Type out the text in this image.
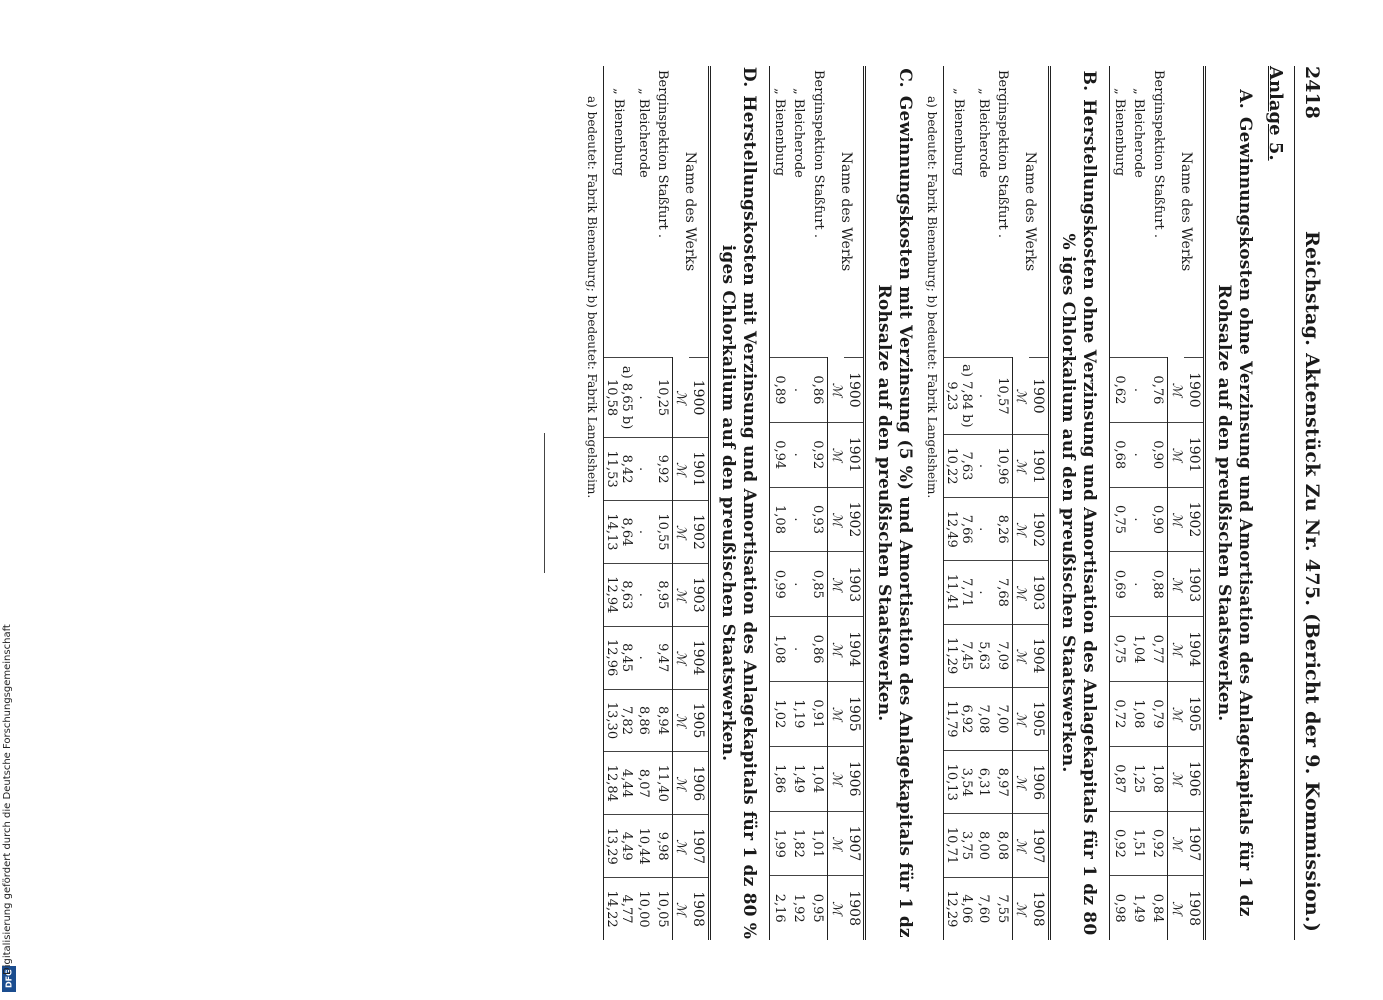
2418
Reichstag. Aktenstück Zu Nr. 475. (Bericht der 9. Kommission.)
Anlage 5.
A.Gewinnungskosten ohne Verzinsung und Amortisation des Anlagekapitals für 1 dz Rohsalze auf den preußischen Staatswerken.
Name des Werks	1900	1901	1902	1903	1904	1905	1906	1907	1908
	ℳ	ℳ	ℳ	ℳ	ℳ	ℳ	ℳ	ℳ	ℳ
Berginspektion Staßfurt .	0,76	0,90	0,90	0,88	0,77	0,79	1,08	0,92	0,84
„ Bleicherode	.	.	.	.	1,04	1,08	1,25	1,51	1,49
„ Bienenburg	0,62	0,68	0,75	0,69	0,75	0,72	0,87	0,92	0,98
B.Herstellungskosten ohne Verzinsung und Amortisation des Anlagekapitals für 1 dz 80 % iges Chlorkalium auf den preußischen Staatswerken.
Name des Werks	1900	1901	1902	1903	1904	1905	1906	1907	1908
	ℳ	ℳ	ℳ	ℳ	ℳ	ℳ	ℳ	ℳ	ℳ
Berginspektion Staßfurt .	10,57	10,96	8,26	7,68	7,09	7,00	8,97	8,08	7,55
„ Bleicherode	.	.	.	.	5,63	7,08	6,31	8,00	7,60
„ Bienenburg	a) 7,84 b) 9,23	7,63 10,22	7,66 12,49	7,71 11,41	7,45 11,29	6,92 11,79	3,54 10,13	3,75 10,71	4,06 12,29
a) bedeutet: Fabrik Bienenburg; b) bedeutet: Fabrik Langelsheim.
C.Gewinnungskosten mit Verzinsung (5 %) und Amortisation des Anlagekapitals für 1 dz Rohsalze auf den preußischen Staatswerken.
Name des Werks	1900	1901	1902	1903	1904	1905	1906	1907	1908
	ℳ	ℳ	ℳ	ℳ	ℳ	ℳ	ℳ	ℳ	ℳ
Berginspektion Staßfurt .	0,86	0,92	0,93	0,85	0,86	0,91	1,04	1,01	0,95
„ Bleicherode	.	.	.	.	.	1,19	1,49	1,82	1,92
„ Bienenburg	0,89	0,94	1,08	0,99	1,08	1,02	1,86	1,99	2,16
D.Herstellungskosten mit Verzinsung und Amortisation des Anlagekapitals für 1 dz 80 % iges Chlorkalium auf den preußischen Staatswerken.
Name des Werks	1900	1901	1902	1903	1904	1905	1906	1907	1908
	ℳ	ℳ	ℳ	ℳ	ℳ	ℳ	ℳ	ℳ	ℳ
Berginspektion Staßfurt .	10,25	9,92	10,55	8,95	9,47	8,94	11,40	9,98	10,05
„ Bleicherode	.	.	.	.	.	8,86	8,07	10,44	10,00
„ Bienenburg	a) 8,65 b) 10,58	8,42 11,53	8,64 14,13	8,63 12,94	8,45 12,96	7,82 13,30	4,44 12,84	4,49 13,29	4,77 14,22
a) bedeutet: Fabrik Bienenburg; b) bedeutet: Fabrik Langelsheim.
DFG
Digitalisierung gefördert durch die Deutsche Forschungsgemeinschaft
